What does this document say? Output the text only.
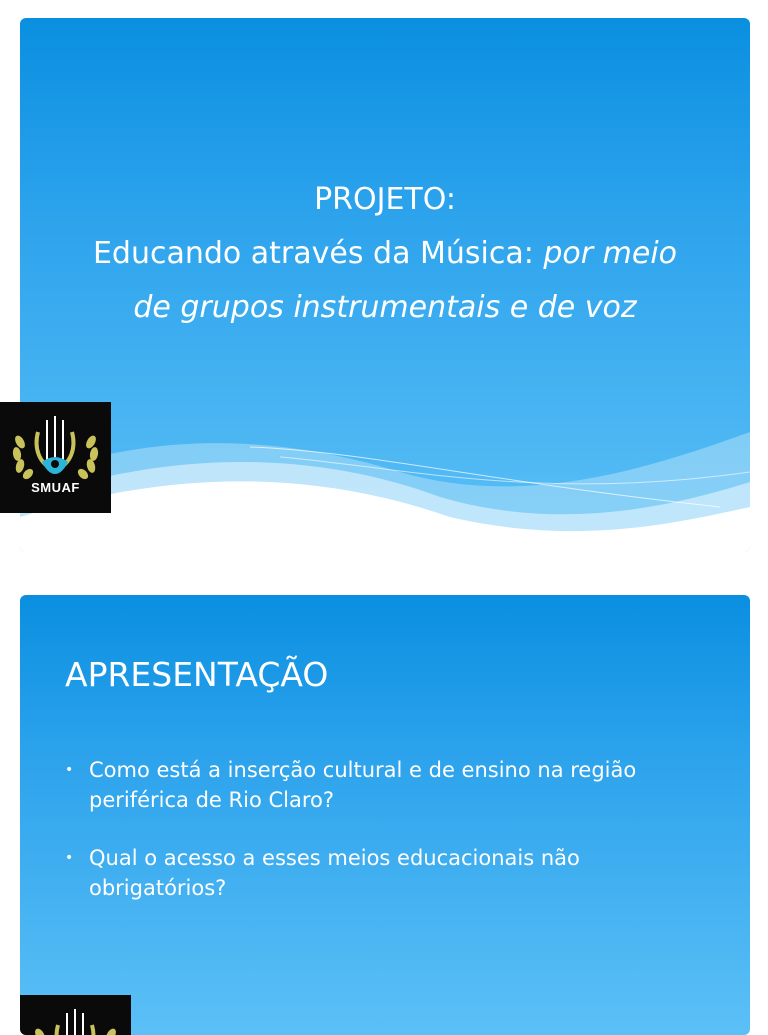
PROJETO:
Educando através da Música: por meio
de grupos instrumentais e de voz
SMUAF
APRESENTAÇÃO
• Como está a inserção cultural e de ensino na região periférica de Rio Claro?
• Qual o acesso a esses meios educacionais não obrigatórios?
